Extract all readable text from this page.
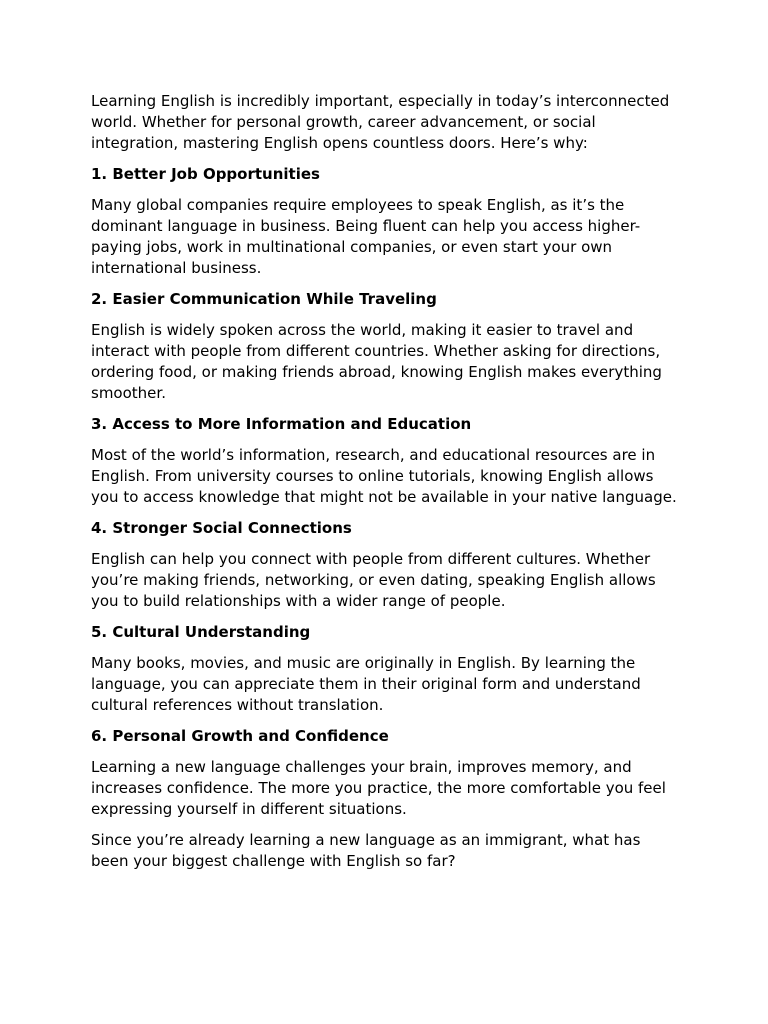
Learning English is incredibly important, especially in today’s interconnected world. Whether for personal growth, career advancement, or social integration, mastering English opens countless doors. Here’s why:

1. Better Job Opportunities

Many global companies require employees to speak English, as it’s the dominant language in business. Being fluent can help you access higher-paying jobs, work in multinational companies, or even start your own international business.

2. Easier Communication While Traveling

English is widely spoken across the world, making it easier to travel and interact with people from different countries. Whether asking for directions, ordering food, or making friends abroad, knowing English makes everything smoother.

3. Access to More Information and Education

Most of the world’s information, research, and educational resources are in English. From university courses to online tutorials, knowing English allows you to access knowledge that might not be available in your native language.

4. Stronger Social Connections

English can help you connect with people from different cultures. Whether you’re making friends, networking, or even dating, speaking English allows you to build relationships with a wider range of people.

5. Cultural Understanding

Many books, movies, and music are originally in English. By learning the language, you can appreciate them in their original form and understand cultural references without translation.

6. Personal Growth and Confidence

Learning a new language challenges your brain, improves memory, and increases confidence. The more you practice, the more comfortable you feel expressing yourself in different situations.

Since you’re already learning a new language as an immigrant, what has been your biggest challenge with English so far?
